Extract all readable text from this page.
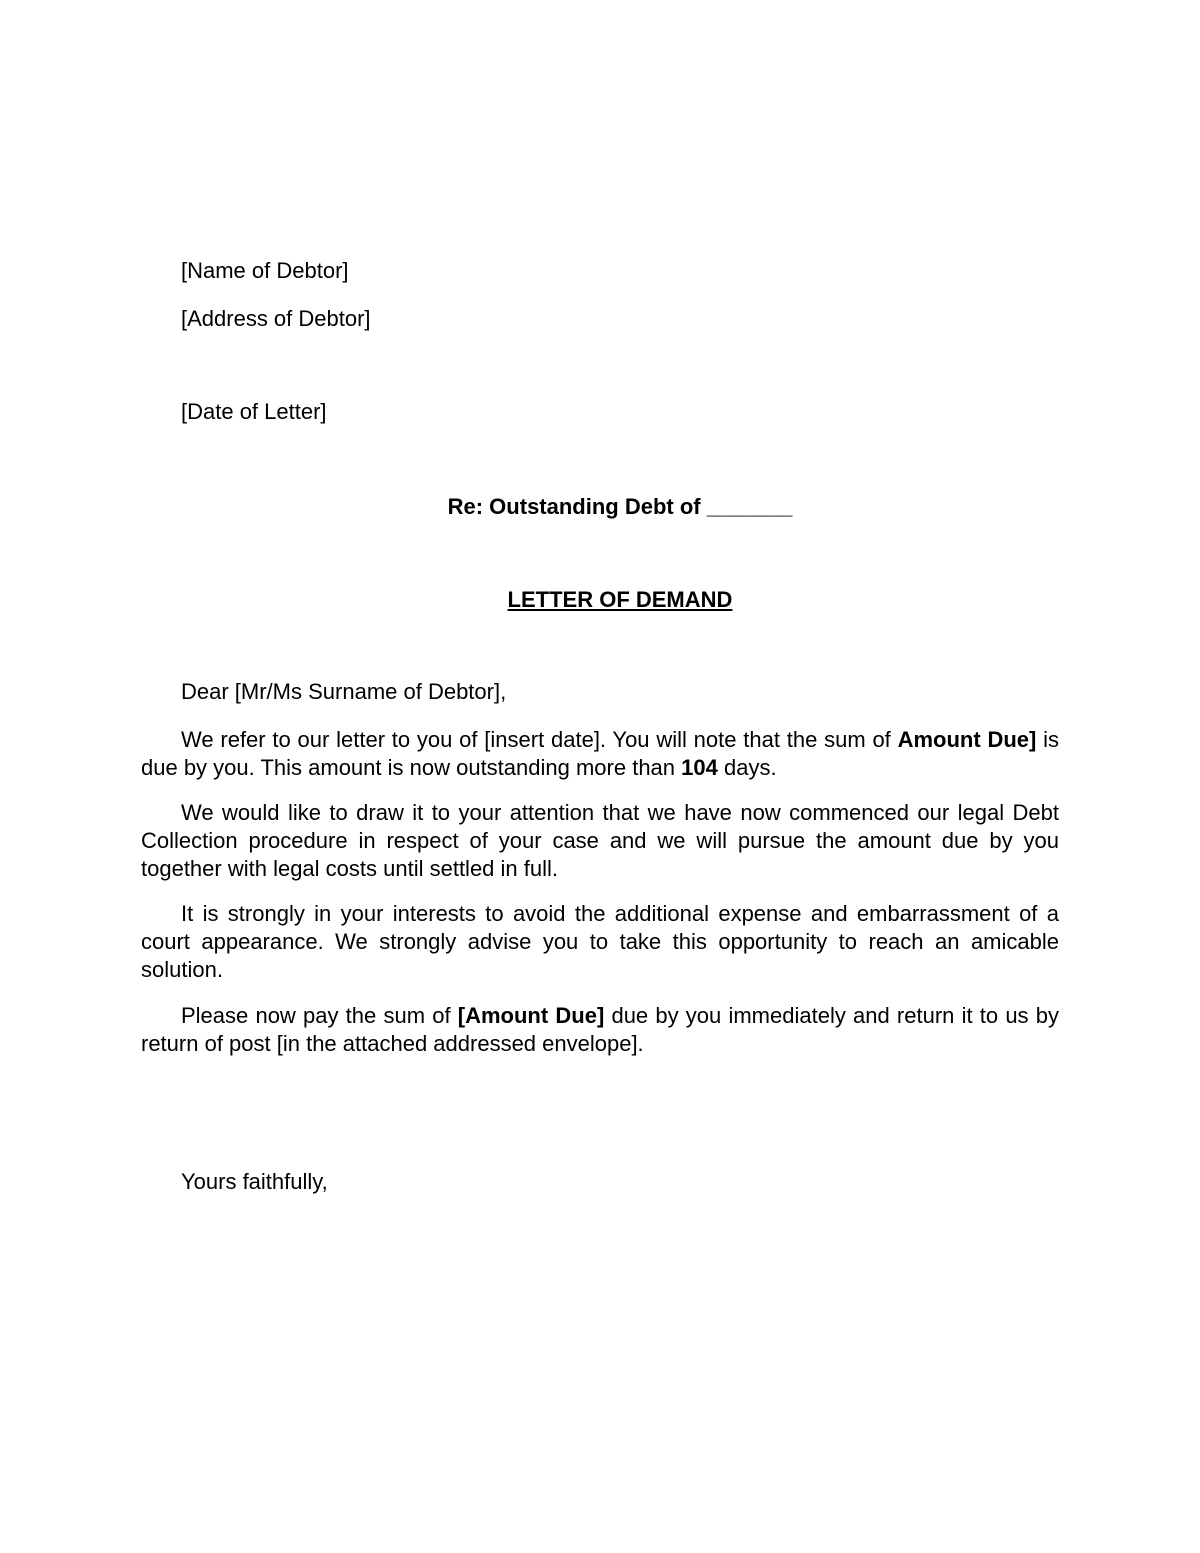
[Name of Debtor]
[Address of Debtor]
[Date of Letter]
Re: Outstanding Debt of _______
LETTER OF DEMAND
Dear [Mr/Ms Surname of Debtor],
We refer to our letter to you of [insert date]. You will note that the sum of Amount Due] is due by you. This amount is now outstanding more than 104 days.
We would like to draw it to your attention that we have now commenced our legal Debt Collection procedure in respect of your case and we will pursue the amount due by you together with legal costs until settled in full.
It is strongly in your interests to avoid the additional expense and embarrassment of a court appearance. We strongly advise you to take this opportunity to reach an amicable solution.
Please now pay the sum of [Amount Due] due by you immediately and return it to us by return of post [in the attached addressed envelope].
Yours faithfully,
